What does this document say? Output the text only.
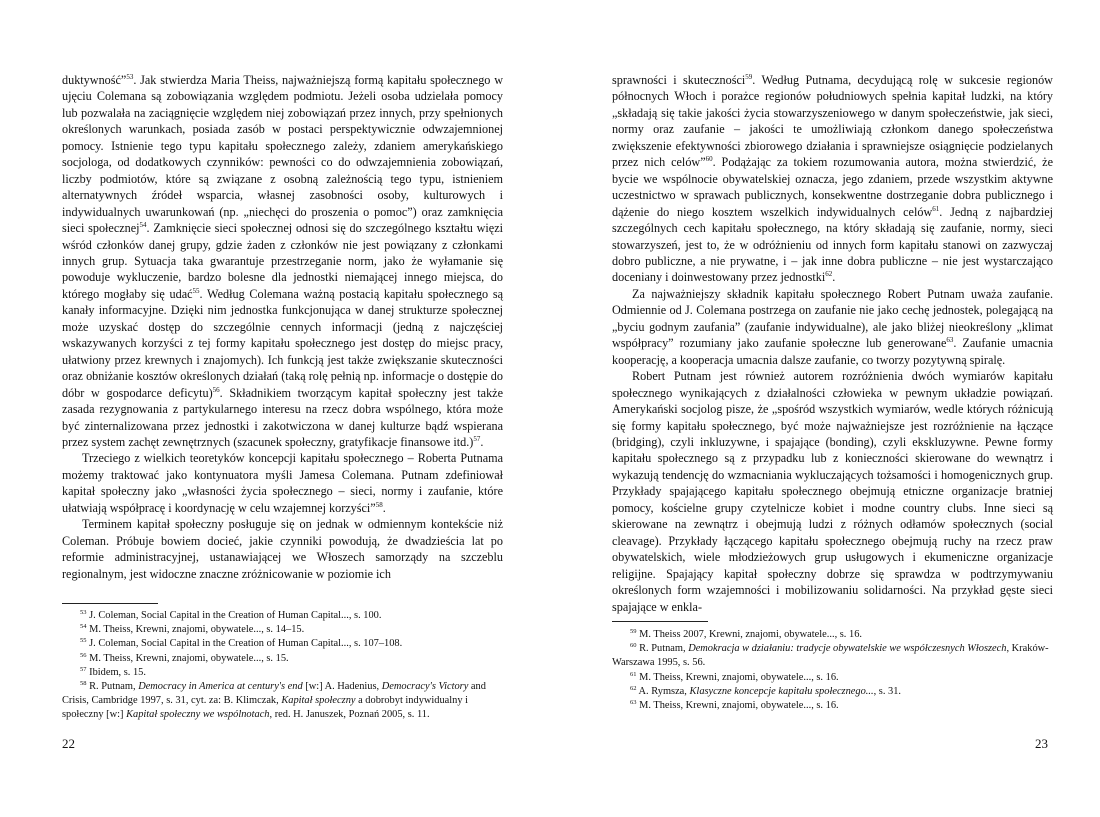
duktywność”$^{53}$. Jak stwierdza Maria Theiss, najważniejszą formą kapitału społecznego w ujęciu Colemana są zobowiązania względem podmiotu. Jeżeli osoba udzielała pomocy lub pozwalała na zaciągnięcie względem niej zobowiązań przez innych, przy spełnionych określonych warunkach, posiada zasób w postaci perspektywicznie odwzajemnionej pomocy. Istnienie tego typu kapitału społecznego zależy, zdaniem amerykańskiego socjologa, od dodatkowych czynników: pewności co do odwzajemnienia zobowiązań, liczby podmiotów, które są związane z osobną zależnością tego typu, istnieniem alternatywnych źródeł wsparcia, własnej zasobności osoby, kulturowych i indywidualnych uwarunkowań (np. „niechęci do proszenia o pomoc”) oraz zamknięcia sieci społecznej$^{54}$. Zamknięcie sieci społecznej odnosi się do szczególnego kształtu więzi wśród członków danej grupy, gdzie żaden z członków nie jest powiązany z członkami innych grup. Sytuacja taka gwarantuje przestrzeganie norm, jako że wyłamanie się powoduje wykluczenie, bardzo bolesne dla jednostki niemającej innego miejsca, do którego mogłaby się udać$^{55}$. Według Colemana ważną postacią kapitału społecznego są kanały informacyjne. Dzięki nim jednostka funkcjonująca w danej strukturze społecznej może uzyskać dostęp do szczególnie cennych informacji (jedną z najczęściej wskazywanych korzyści z tej formy kapitału społecznego jest dostęp do miejsc pracy, ułatwiony przez krewnych i znajomych). Ich funkcją jest także zwiększanie skuteczności oraz obniżanie kosztów określonych działań (taką rolę pełnią np. informacje o dostępie do dóbr w gospodarce deficytu)$^{56}$. Składnikiem tworzącym kapitał społeczny jest także zasada rezygnowania z partykularnego interesu na rzecz dobra wspólnego, która może być zinternalizowana przez jednostki i zakotwiczona w danej kulturze bądź wspierana przez system zachęt zewnętrznych (szacunek społeczny, gratyfikacje finansowe itd.)$^{57}$.

Trzeciego z wielkich teoretyków koncepcji kapitału społecznego – Roberta Putnama możemy traktować jako kontynuatora myśli Jamesa Colemana. Putnam zdefiniował kapitał społeczny jako „własności życia społecznego – sieci, normy i zaufanie, które ułatwiają współpracę i koordynację w celu wzajemnej korzyści”$^{58}$.

Terminem kapitał społeczny posługuje się on jednak w odmiennym kontekście niż Coleman. Próbuje bowiem docieć, jakie czynniki powodują, że dwadzieścia lat po reformie administracyjnej, ustanawiającej we Włoszech samorządy na szczeblu regionalnym, jest widoczne znaczne zróżnicowanie w poziomie ich

$^{53}$ J. Coleman, Social Capital in the Creation of Human Capital..., s. 100.

$^{54}$ M. Theiss, Krewni, znajomi, obywatele..., s. 14–15.

$^{55}$ J. Coleman, Social Capital in the Creation of Human Capital..., s. 107–108.

$^{56}$ M. Theiss, Krewni, znajomi, obywatele..., s. 15.

$^{57}$ Ibidem, s. 15.

$^{58}$ R. Putnam, Democracy in America at century's end [w:] A. Hadenius, Democracy's Victory and Crisis, Cambridge 1997, s. 31, cyt. za: B. Klimczak, Kapitał społeczny a dobrobyt indywidualny i społeczny [w:] Kapitał społeczny we wspólnotach, red. H. Januszek, Poznań 2005, s. 11.

22

sprawności i skuteczności$^{59}$. Według Putnama, decydującą rolę w sukcesie regionów północnych Włoch i porażce regionów południowych spełnia kapitał ludzki, na który „składają się takie jakości życia stowarzyszeniowego w danym społeczeństwie, jak sieci, normy oraz zaufanie – jakości te umożliwiają członkom danego społeczeństwa zwiększenie efektywności zbiorowego działania i sprawniejsze osiągnięcie podzielanych przez nich celów”$^{60}$. Podążając za tokiem rozumowania autora, można stwierdzić, że bycie we wspólnocie obywatelskiej oznacza, jego zdaniem, przede wszystkim aktywne uczestnictwo w sprawach publicznych, konsekwentne dostrzeganie dobra publicznego i dążenie do niego kosztem wszelkich indywidualnych celów$^{61}$. Jedną z najbardziej szczególnych cech kapitału społecznego, na który składają się zaufanie, normy, sieci stowarzyszeń, jest to, że w odróżnieniu od innych form kapitału stanowi on zazwyczaj dobro publiczne, a nie prywatne, i – jak inne dobra publiczne – nie jest wystarczająco doceniany i doinwestowany przez jednostki$^{62}$.

Za najważniejszy składnik kapitału społecznego Robert Putnam uważa zaufanie. Odmiennie od J. Colemana postrzega on zaufanie nie jako cechę jednostek, polegającą na „byciu godnym zaufania” (zaufanie indywidualne), ale jako bliżej nieokreślony „klimat współpracy” rozumiany jako zaufanie społeczne lub generowane$^{63}$. Zaufanie umacnia kooperację, a kooperacja umacnia dalsze zaufanie, co tworzy pozytywną spiralę.

Robert Putnam jest również autorem rozróżnienia dwóch wymiarów kapitału społecznego wynikających z działalności człowieka w pewnym układzie powiązań. Amerykański socjolog pisze, że „spośród wszystkich wymiarów, wedle których różnicują się formy kapitału społecznego, być może najważniejsze jest rozróżnienie na łączące (bridging), czyli inkluzywne, i spajające (bonding), czyli ekskluzywne. Pewne formy kapitału społecznego są z przypadku lub z konieczności skierowane do wewnątrz i wykazują tendencję do wzmacniania wykluczających tożsamości i homogenicznych grup. Przykłady spajającego kapitału społecznego obejmują etniczne organizacje bratniej pomocy, kościelne grupy czytelnicze kobiet i modne country clubs. Inne sieci są skierowane na zewnątrz i obejmują ludzi z różnych odłamów społecznych (social cleavage). Przykłady łączącego kapitału społecznego obejmują ruchy na rzecz praw obywatelskich, wiele młodzieżowych grup usługowych i ekumeniczne organizacje religijne. Spajający kapitał społeczny dobrze się sprawdza w podtrzymywaniu określonych form wzajemności i mobilizowaniu solidarności. Na przykład gęste sieci spajające w enkla-

$^{59}$ M. Theiss 2007, Krewni, znajomi, obywatele..., s. 16.

$^{60}$ R. Putnam, Demokracja w działaniu: tradycje obywatelskie we współczesnych Włoszech, Kraków-Warszawa 1995, s. 56.

$^{61}$ M. Theiss, Krewni, znajomi, obywatele..., s. 16.

$^{62}$ A. Rymsza, Klasyczne koncepcje kapitału społecznego..., s. 31.

$^{63}$ M. Theiss, Krewni, znajomi, obywatele..., s. 16.

23
